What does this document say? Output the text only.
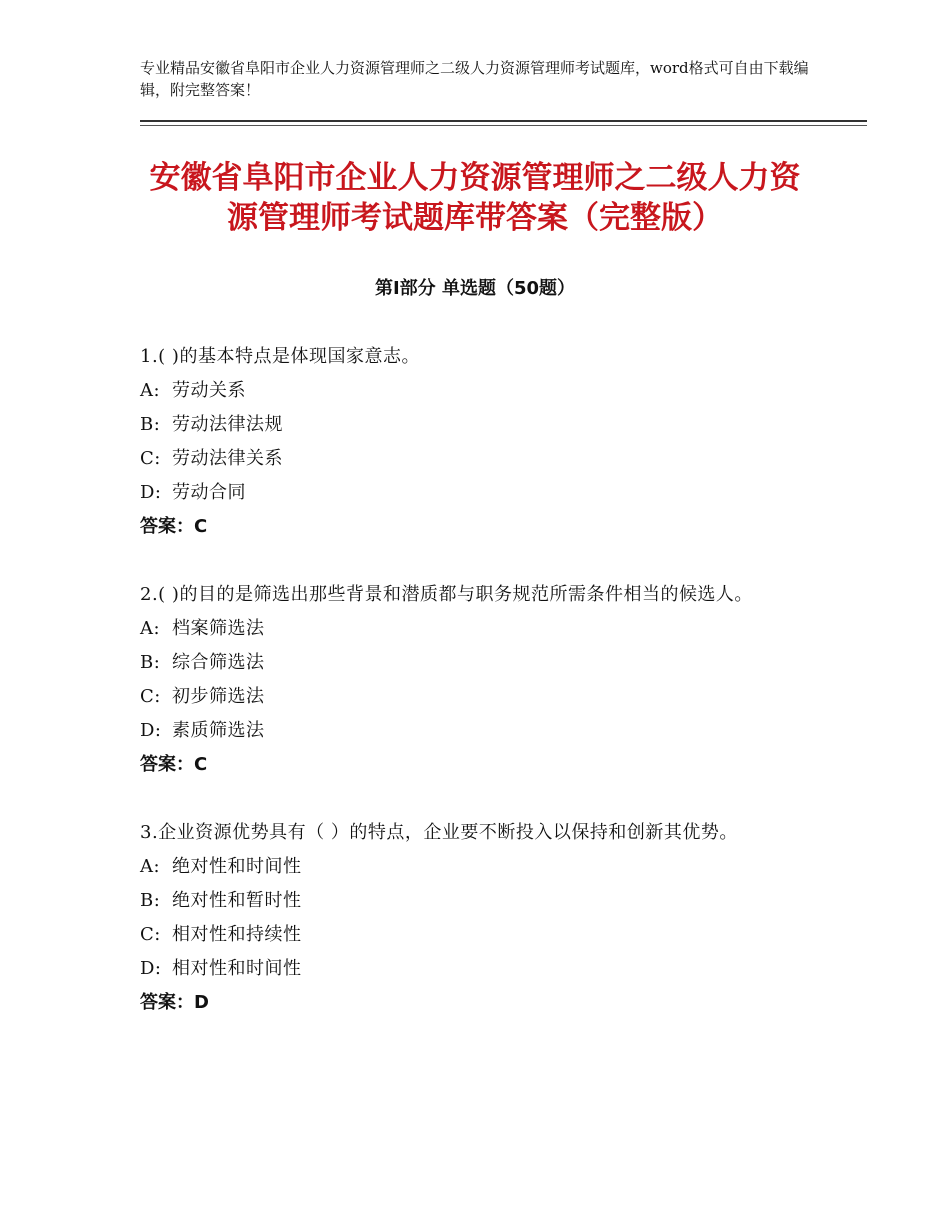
专业精品安徽省阜阳市企业人力资源管理师之二级人力资源管理师考试题库，word格式可自由下载编辑，附完整答案！

安徽省阜阳市企业人力资源管理师之二级人力资源管理师考试题库带答案（完整版）
第Ⅰ部分 单选题（50题）

1.( )的基本特点是体现国家意志。

A: 劳动关系

B: 劳动法律法规

C: 劳动法律关系

D: 劳动合同

答案：C

2.( )的目的是筛选出那些背景和潜质都与职务规范所需条件相当的候选人。

A: 档案筛选法

B: 综合筛选法

C: 初步筛选法

D: 素质筛选法

答案：C

3.企业资源优势具有（ ）的特点，企业要不断投入以保持和创新其优势。

A: 绝对性和时间性

B: 绝对性和暂时性

C: 相对性和持续性

D: 相对性和时间性

答案：D
